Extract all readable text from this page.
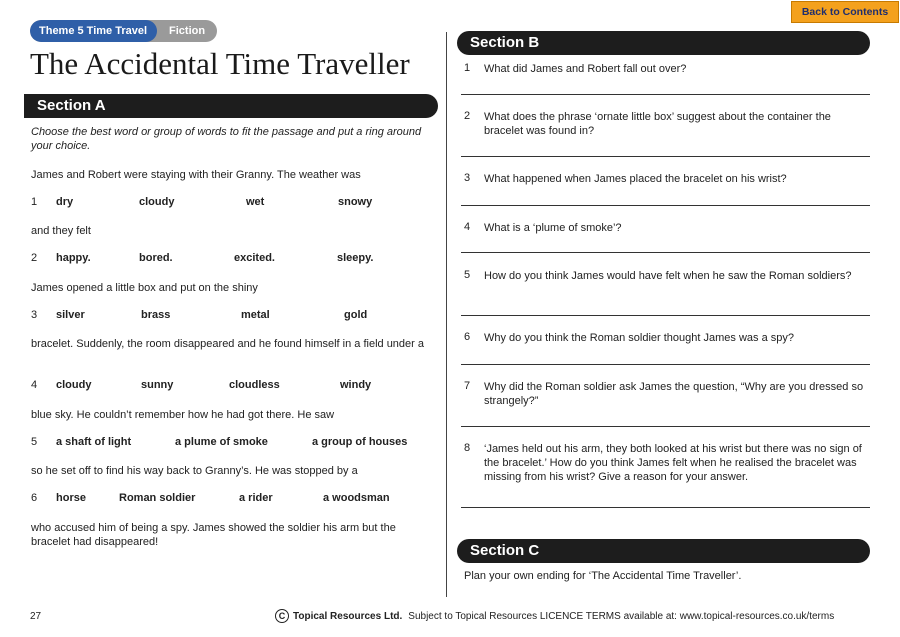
Theme 5 Time Travel	Fiction
The Accidental Time Traveller
Back to Contents
Section A
Choose the best word or group of words to fit the passage and put a ring around your choice.
James and Robert were staying with their Granny. The weather was
1 dry	cloudy	wet	snowy
and they felt
2 happy.	bored.	excited.	sleepy.
James opened a little box and put on the shiny
3 silver	brass	metal	gold
bracelet. Suddenly, the room disappeared and he found himself in a field under a
4 cloudy	sunny	cloudless	windy
blue sky. He couldn’t remember how he had got there. He saw
5 a shaft of light	a plume of smoke	a group of houses
so he set off to find his way back to Granny’s. He was stopped by a
6 horse	Roman soldier	a rider	a woodsman
who accused him of being a spy. James showed the soldier his arm but the bracelet had disappeared!
Section B
1 What did James and Robert fall out over?
2 What does the phrase ‘ornate little box’ suggest about the container the bracelet was found in?
3 What happened when James placed the bracelet on his wrist?
4 What is a ‘plume of smoke’?
5 How do you think James would have felt when he saw the Roman soldiers?
6 Why do you think the Roman soldier thought James was a spy?
7 Why did the Roman soldier ask James the question, “Why are you dressed so strangely?”
8 ‘James held out his arm, they both looked at his wrist but there was no sign of the bracelet.’ How do you think James felt when he realised the bracelet was missing from his wrist? Give a reason for your answer.
Section C
Plan your own ending for ‘The Accidental Time Traveller’.
27	C Topical Resources Ltd. Subject to Topical Resources LICENCE TERMS available at: www.topical-resources.co.uk/terms
